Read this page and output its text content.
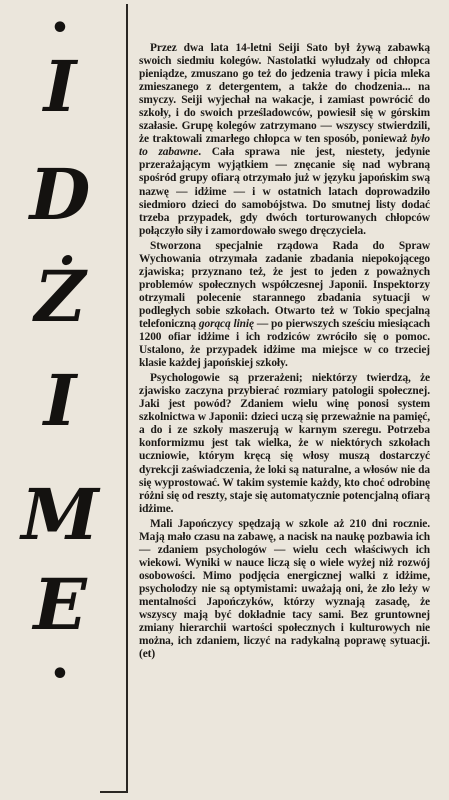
•
I
D
Ż
I
M
E
•

Przez dwa lata 14-letni Seiji Sato był żywą zabawką swoich siedmiu kolegów. Nastolatki wyłudzały od chłopca pieniądze, zmuszano go też do jedzenia trawy i picia mleka zmieszanego z detergentem, a także do chodzenia... na smyczy. Seiji wyjechał na wakacje, i zamiast powrócić do szkoły, i do swoich prześladowców, powiesił się w górskim szałasie. Grupę kolegów zatrzymano — wszyscy stwierdzili, że traktowali zmarłego chłopca w ten sposób, ponieważ było to zabawne. Cała sprawa nie jest, niestety, jedynie przerażającym wyjątkiem — znęcanie się nad wybraną spośród grupy ofiarą otrzymało już w języku japońskim swą nazwę — idżime — i w ostatnich latach doprowadziło siedmioro dzieci do samobójstwa. Do smutnej listy dodać trzeba przypadek, gdy dwóch torturowanych chłopców połączyło siły i zamordowało swego dręczyciela.

Stworzona specjalnie rządowa Rada do Spraw Wychowania otrzymała zadanie zbadania niepokojącego zjawiska; przyznano też, że jest to jeden z poważnych problemów społecznych współczesnej Japonii. Inspektorzy otrzymali polecenie starannego zbadania sytuacji w podległych sobie szkołach. Otwarto też w Tokio specjalną telefoniczną gorącą linię — po pierwszych sześciu miesiącach 1200 ofiar idżime i ich rodziców zwróciło się o pomoc. Ustalono, że przypadek idżime ma miejsce w co trzeciej klasie każdej japońskiej szkoły.

Psychologowie są przerażeni; niektórzy twierdzą, że zjawisko zaczyna przybierać rozmiary patologii społecznej. Jaki jest powód? Zdaniem wielu winę ponosi system szkolnictwa w Japonii: dzieci uczą się przeważnie na pamięć, a do i ze szkoły maszerują w karnym szeregu. Potrzeba konformizmu jest tak wielka, że w niektórych szkołach uczniowie, którym kręcą się włosy muszą dostarczyć dyrekcji zaświadczenia, że loki są naturalne, a włosów nie da się wyprostować. W takim systemie każdy, kto choć odrobinę różni się od reszty, staje się automatycznie potencjalną ofiarą idżime.

Mali Japończycy spędzają w szkole aż 210 dni rocznie. Mają mało czasu na zabawę, a nacisk na naukę pozbawia ich — zdaniem psychologów — wielu cech właściwych ich wiekowi. Wyniki w nauce liczą się o wiele wyżej niż rozwój osobowości. Mimo podjęcia energicznej walki z idżime, psycholodzy nie są optymistami: uważają oni, że zło leży w mentalności Japończyków, którzy wyznają zasadę, że wszyscy mają być dokładnie tacy sami. Bez gruntownej zmiany hierarchii wartości społecznych i kulturowych nie można, ich zdaniem, liczyć na radykalną poprawę sytuacji. (et)
